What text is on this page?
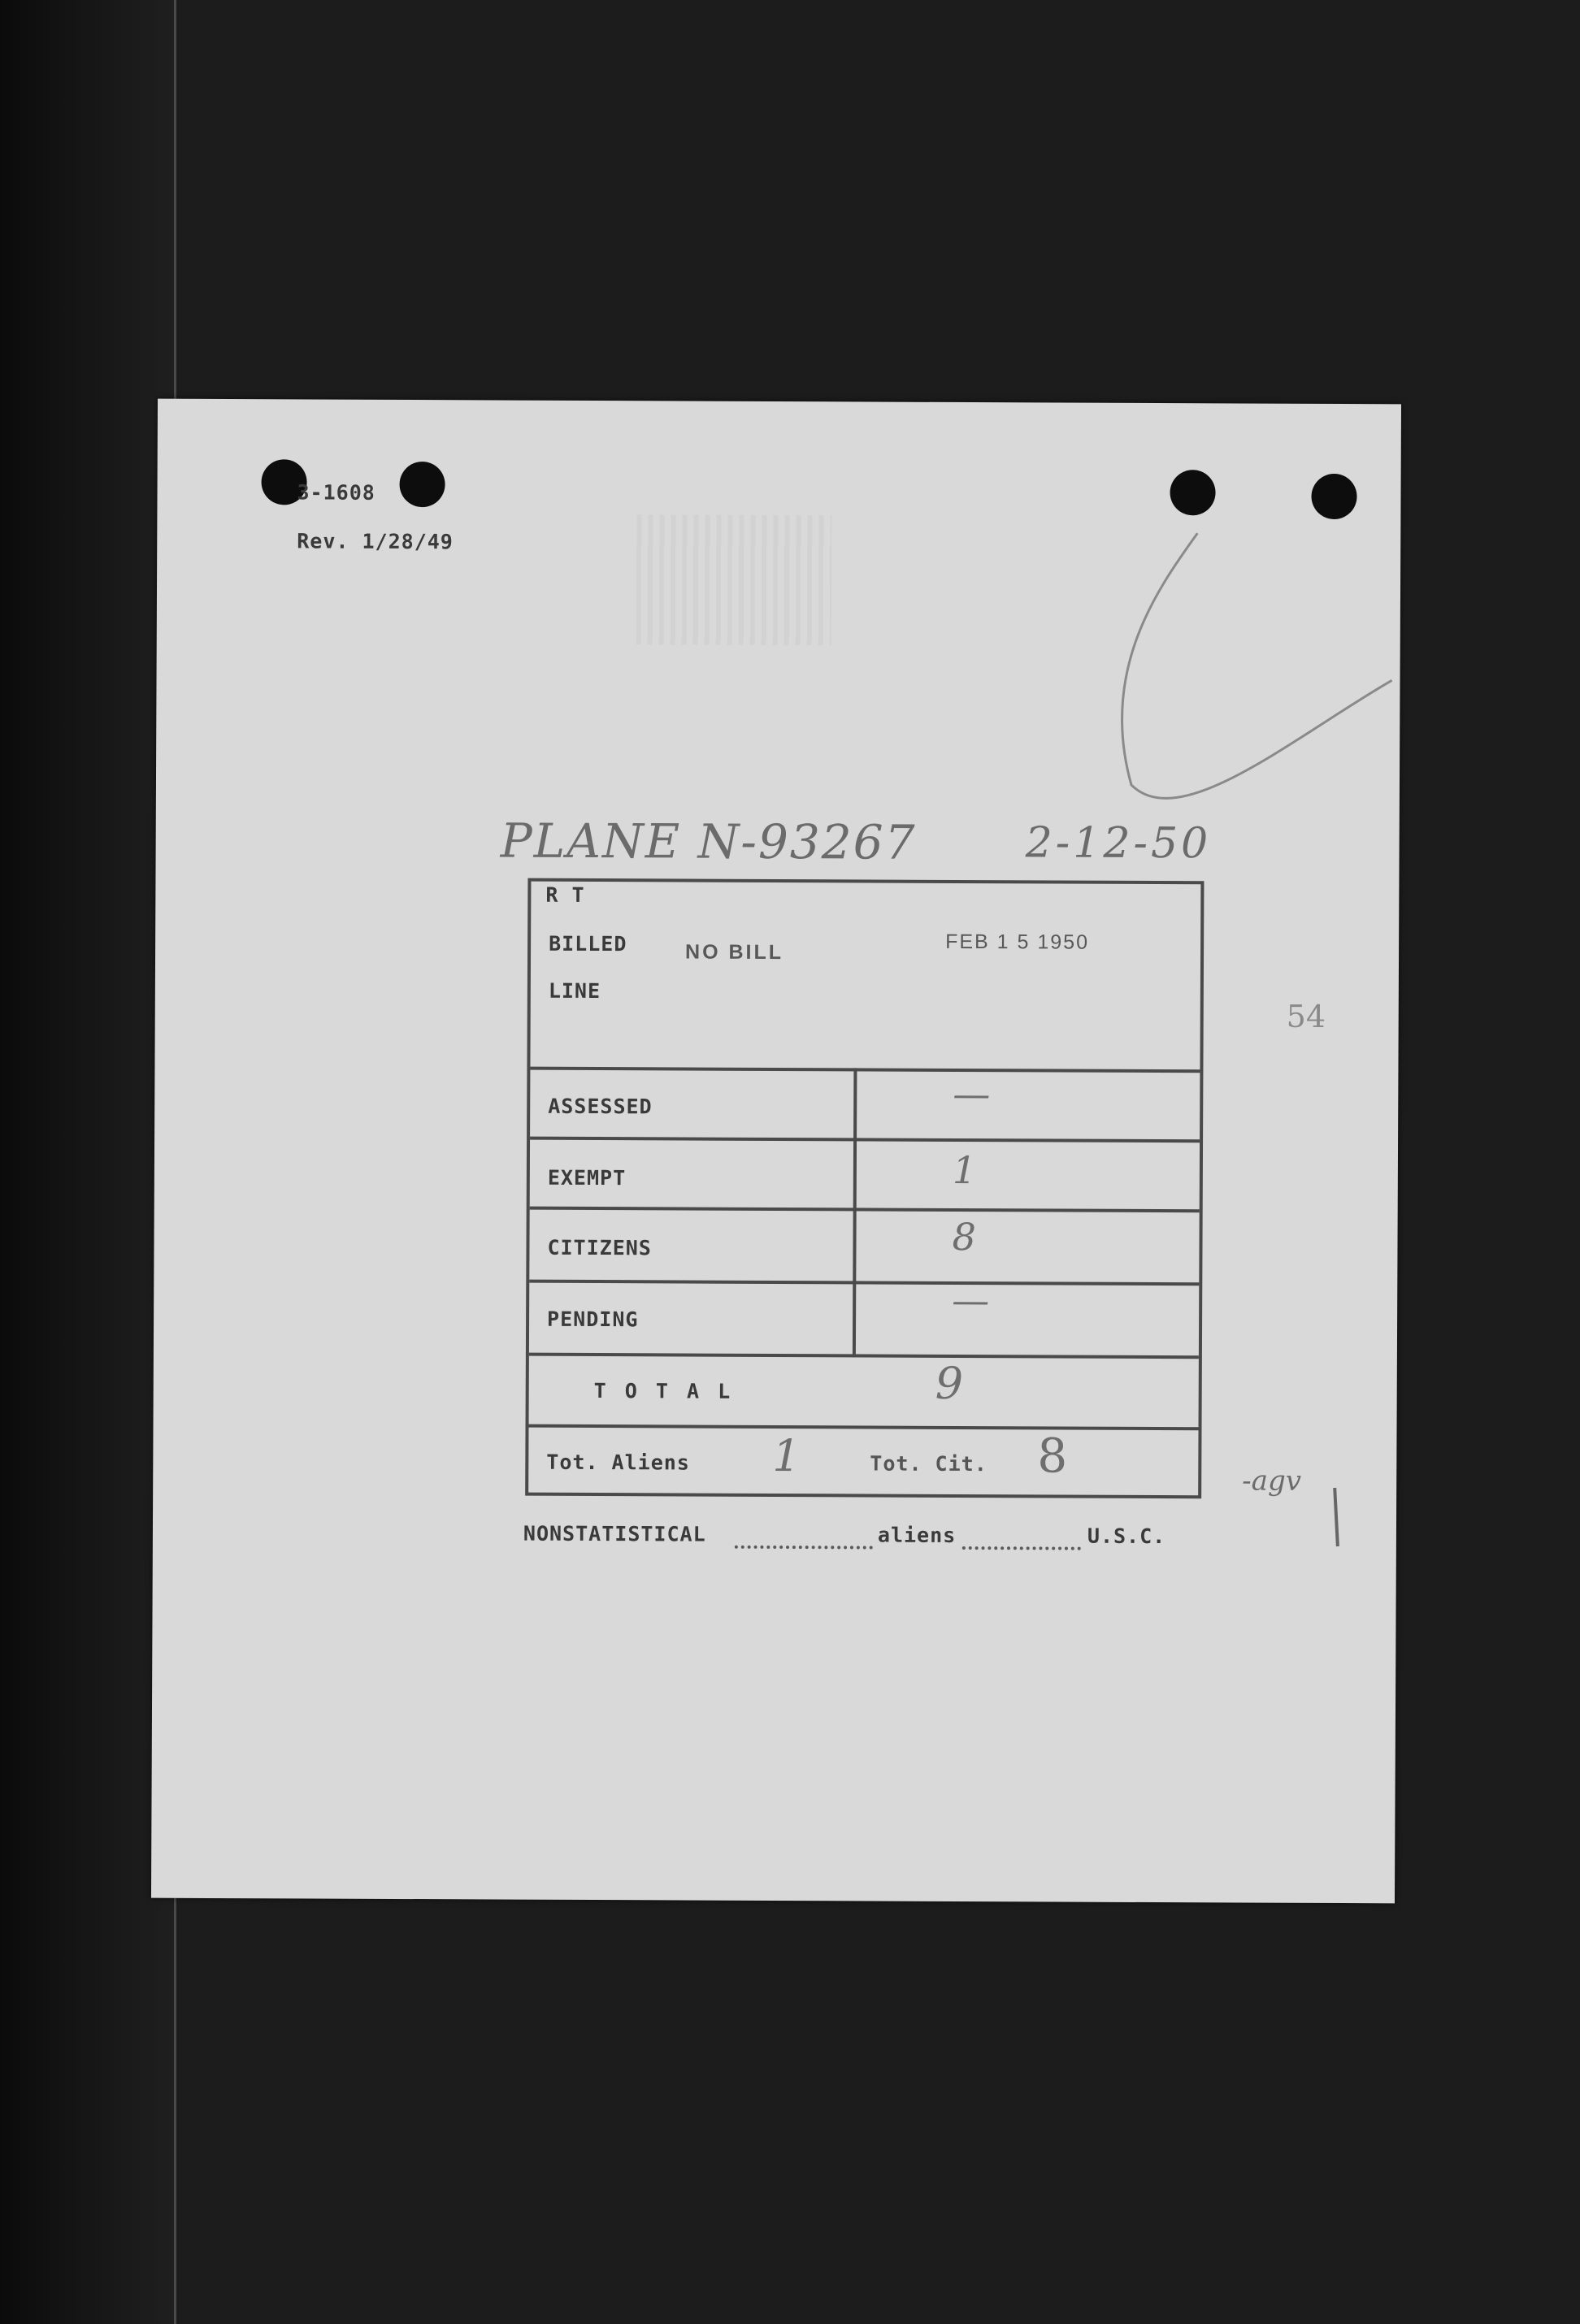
3-1608
Rev. 1/28/49
PLANE N-93267	2-12-50
54
-agv
R T
BILLED	NO BILL	FEB 1 5 1950
LINE
ASSESSED	—
EXEMPT	1
CITIZENS	8
PENDING	—
T O T A L	9
Tot. Aliens 1	Tot. Cit. 8
NONSTATISTICAL	aliens	U.S.C.
